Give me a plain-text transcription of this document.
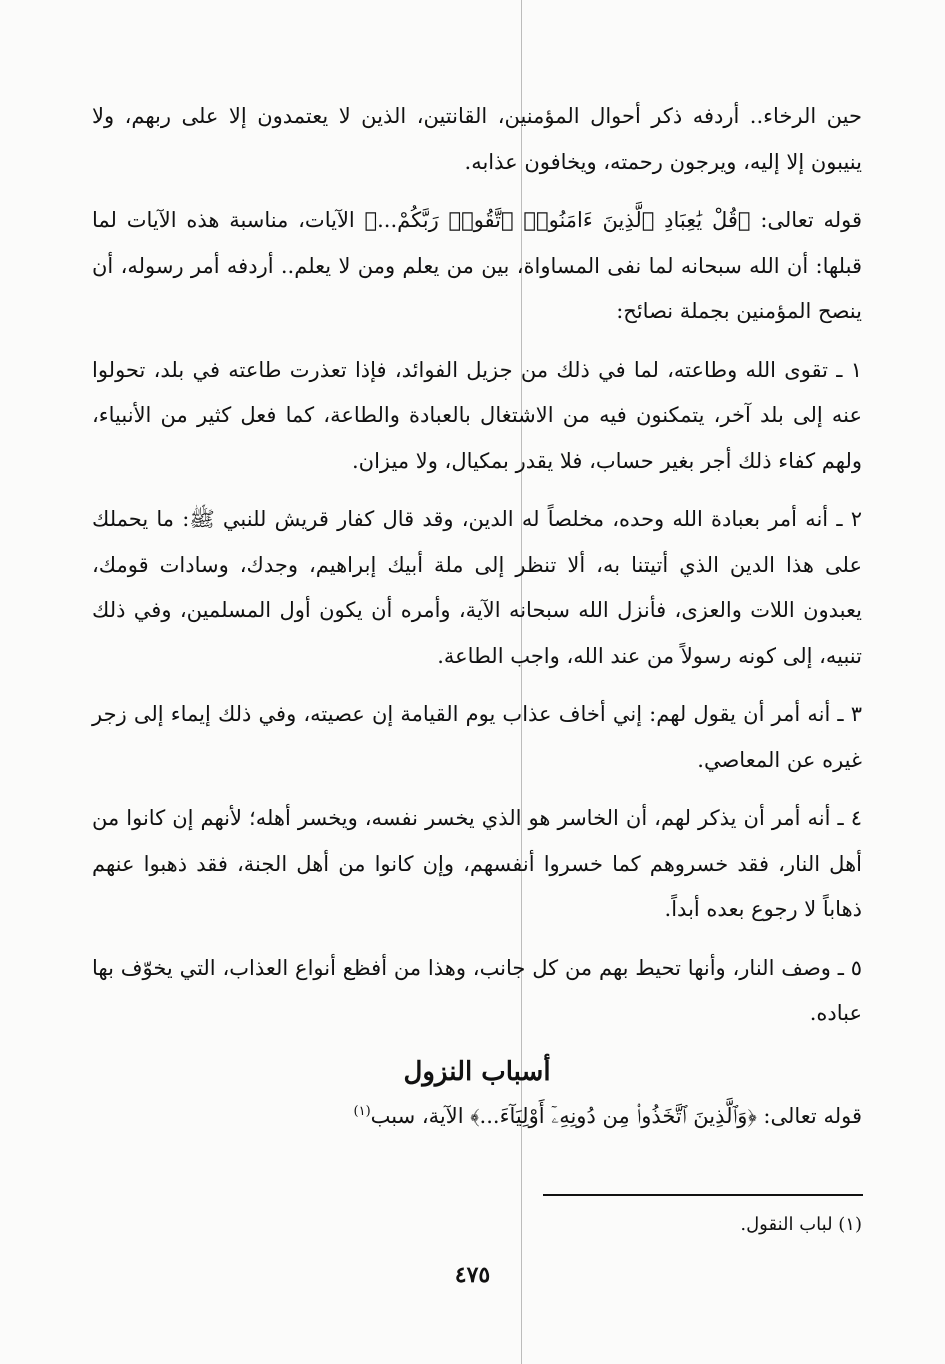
حين الرخاء.. أردفه ذكر أحوال المؤمنين، القانتين، الذين لا يعتمدون إلا على ربهم، ولا ينيبون إلا إليه، ويرجون رحمته، ويخافون عذابه.

قوله تعالى: ﴿قُلْ يَٰعِبَادِ ٱلَّذِينَ ءَامَنُوا۟ ٱتَّقُوا۟ رَبَّكُمْ...﴾ الآيات، مناسبة هذه الآيات لما قبلها: أن الله سبحانه لما نفى المساواة، بين من يعلم ومن لا يعلم.. أردفه أمر رسوله، أن ينصح المؤمنين بجملة نصائح:

١ ـ تقوى الله وطاعته، لما في ذلك من جزيل الفوائد، فإذا تعذرت طاعته في بلد، تحولوا عنه إلى بلد آخر، يتمكنون فيه من الاشتغال بالعبادة والطاعة، كما فعل كثير من الأنبياء، ولهم كفاء ذلك أجر بغير حساب، فلا يقدر بمكيال، ولا ميزان.

٢ ـ أنه أمر بعبادة الله وحده، مخلصاً له الدين، وقد قال كفار قريش للنبي ﷺ: ما يحملك على هذا الدين الذي أتيتنا به، ألا تنظر إلى ملة أبيك إبراهيم، وجدك، وسادات قومك، يعبدون اللات والعزى، فأنزل الله سبحانه الآية، وأمره أن يكون أول المسلمين، وفي ذلك تنبيه، إلى كونه رسولاً من عند الله، واجب الطاعة.

٣ ـ أنه أمر أن يقول لهم: إني أخاف عذاب يوم القيامة إن عصيته، وفي ذلك إيماء إلى زجر غيره عن المعاصي.

٤ ـ أنه أمر أن يذكر لهم، أن الخاسر هو الذي يخسر نفسه، ويخسر أهله؛ لأنهم إن كانوا من أهل النار، فقد خسروهم كما خسروا أنفسهم، وإن كانوا من أهل الجنة، فقد ذهبوا عنهم ذهاباً لا رجوع بعده أبداً.

٥ ـ وصف النار، وأنها تحيط بهم من كل جانب، وهذا من أفظع أنواع العذاب، التي يخوّف بها عباده.

أسباب النزول

قوله تعالى: ﴿وَٱلَّذِينَ ٱتَّخَذُوا۟ مِن دُونِهِۦٓ أَوْلِيَآءَ...﴾ الآية، سبب$^{(١)}$

(١) لباب النقول.
٤٧٥
